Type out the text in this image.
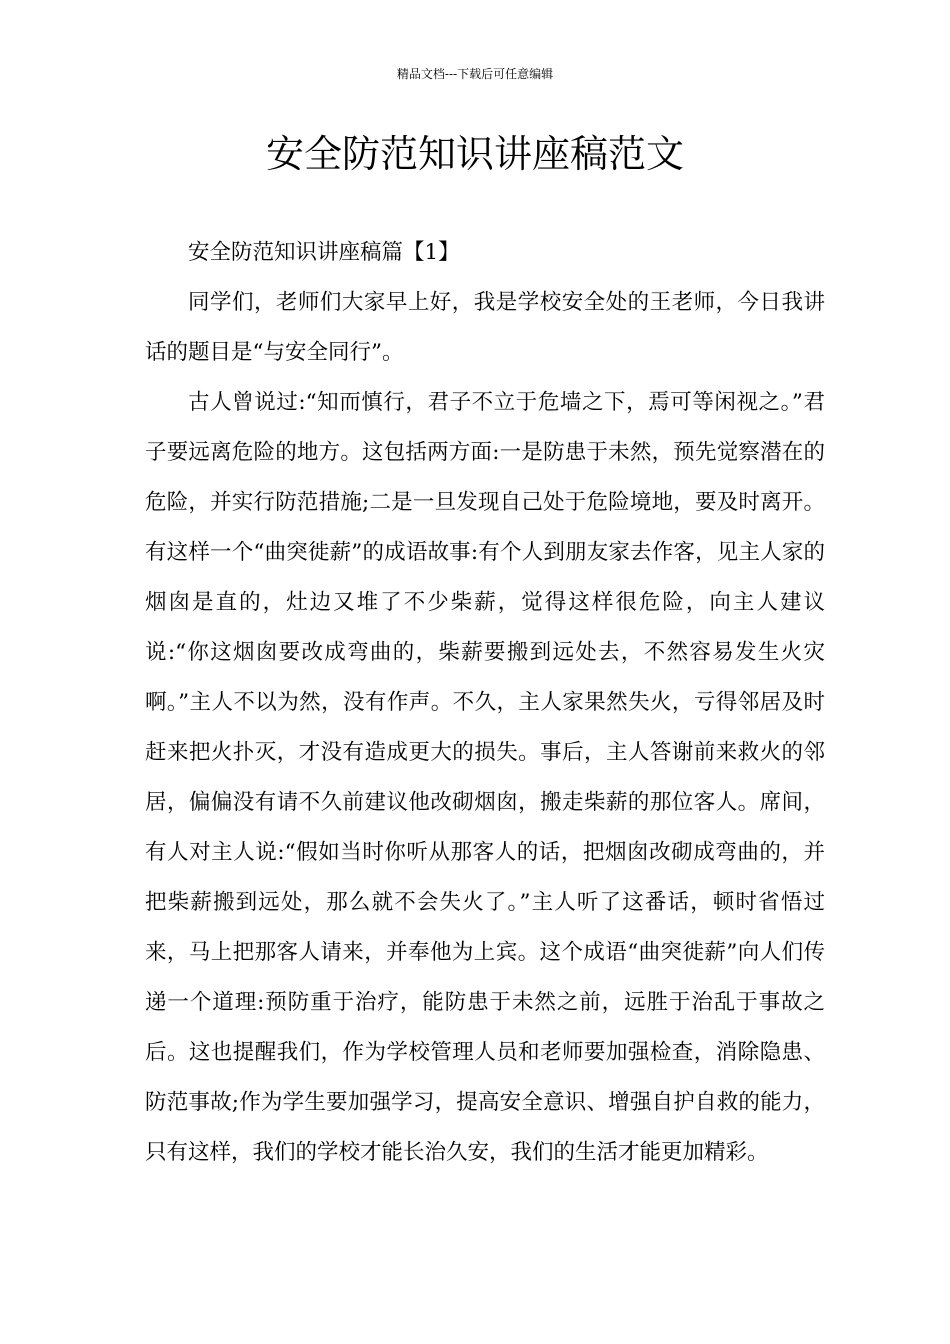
精品文档---下载后可任意编辑
安全防范知识讲座稿范文

安全防范知识讲座稿篇【1】

同学们，老师们大家早上好，我是学校安全处的王老师，今日我讲话的题目是“与安全同行”。

古人曾说过:“知而慎行，君子不立于危墙之下，焉可等闲视之。”君子要远离危险的地方。这包括两方面:一是防患于未然，预先觉察潜在的危险，并实行防范措施;二是一旦发现自己处于危险境地，要及时离开。有这样一个“曲突徙薪”的成语故事:有个人到朋友家去作客，见主人家的烟囱是直的，灶边又堆了不少柴薪，觉得这样很危险，向主人建议说:“你这烟囱要改成弯曲的，柴薪要搬到远处去，不然容易发生火灾啊。”主人不以为然，没有作声。不久，主人家果然失火，亏得邻居及时赶来把火扑灭，才没有造成更大的损失。事后，主人答谢前来救火的邻居，偏偏没有请不久前建议他改砌烟囱，搬走柴薪的那位客人。席间，有人对主人说:“假如当时你听从那客人的话，把烟囱改砌成弯曲的，并把柴薪搬到远处，那么就不会失火了。”主人听了这番话，顿时省悟过来，马上把那客人请来，并奉他为上宾。这个成语“曲突徙薪”向人们传递一个道理:预防重于治疗，能防患于未然之前，远胜于治乱于事故之后。这也提醒我们，作为学校管理人员和老师要加强检查，消除隐患、防范事故;作为学生要加强学习，提高安全意识、增强自护自救的能力，只有这样，我们的学校才能长治久安，我们的生活才能更加精彩。
